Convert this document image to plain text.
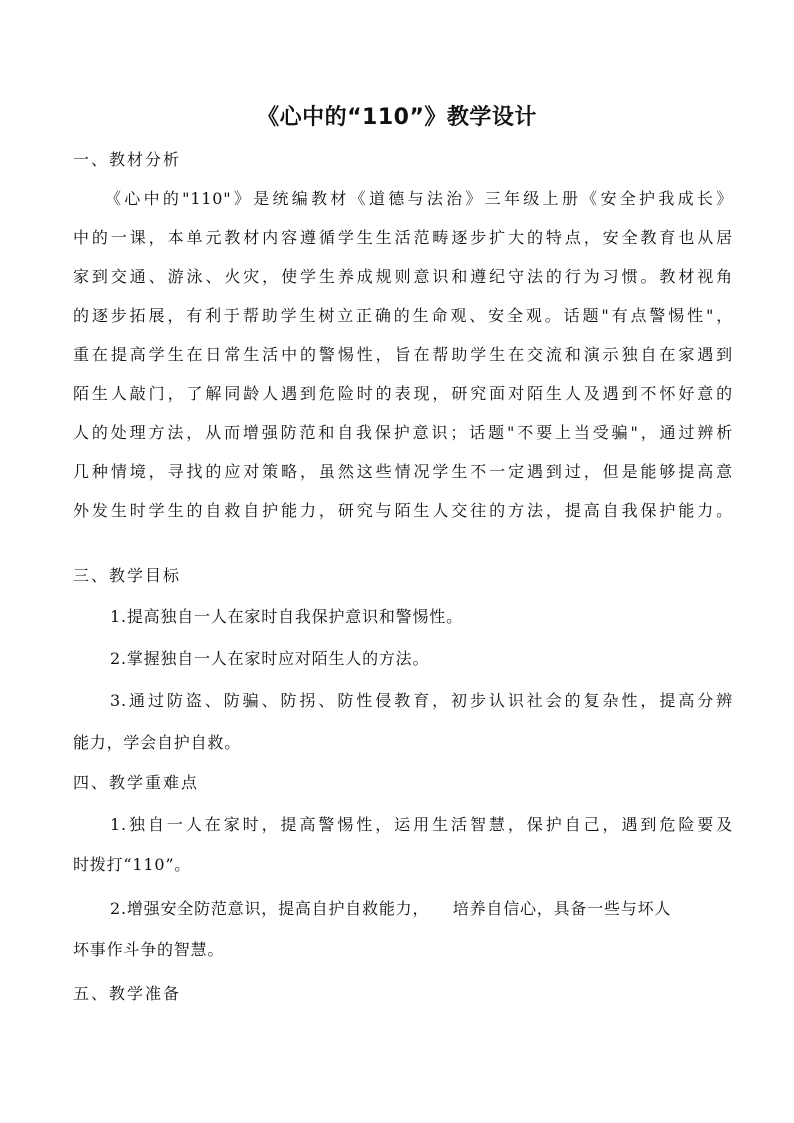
《心中的“110”》教学设计
一、教材分析
《心中的"110"》是统编教材《道德与法治》三年级上册《安全护我成长》
中的一课，本单元教材内容遵循学生生活范畴逐步扩大的特点，安全教育也从居
家到交通、游泳、火灾，使学生养成规则意识和遵纪守法的行为习惯。教材视角
的逐步拓展，有利于帮助学生树立正确的生命观、安全观。话题"有点警惕性"，
重在提高学生在日常生活中的警惕性，旨在帮助学生在交流和演示独自在家遇到
陌生人敲门，了解同龄人遇到危险时的表现，研究面对陌生人及遇到不怀好意的
人的处理方法，从而增强防范和自我保护意识；话题"不要上当受骗"，通过辨析
几种情境，寻找的应对策略，虽然这些情况学生不一定遇到过，但是能够提高意
外发生时学生的自救自护能力，研究与陌生人交往的方法，提高自我保护能力。
三、教学目标
1.提高独自一人在家时自我保护意识和警惕性。
2.掌握独自一人在家时应对陌生人的方法。
3.通过防盗、防骗、防拐、防性侵教育，初步认识社会的复杂性，提高分辨
能力，学会自护自救。
四、教学重难点
1.独自一人在家时，提高警惕性，运用生活智慧，保护自己，遇到危险要及
时拨打“110”。
2.增强安全防范意识，提高自护自救能力，    培养自信心，具备一些与坏人
坏事作斗争的智慧。
五、教学准备
